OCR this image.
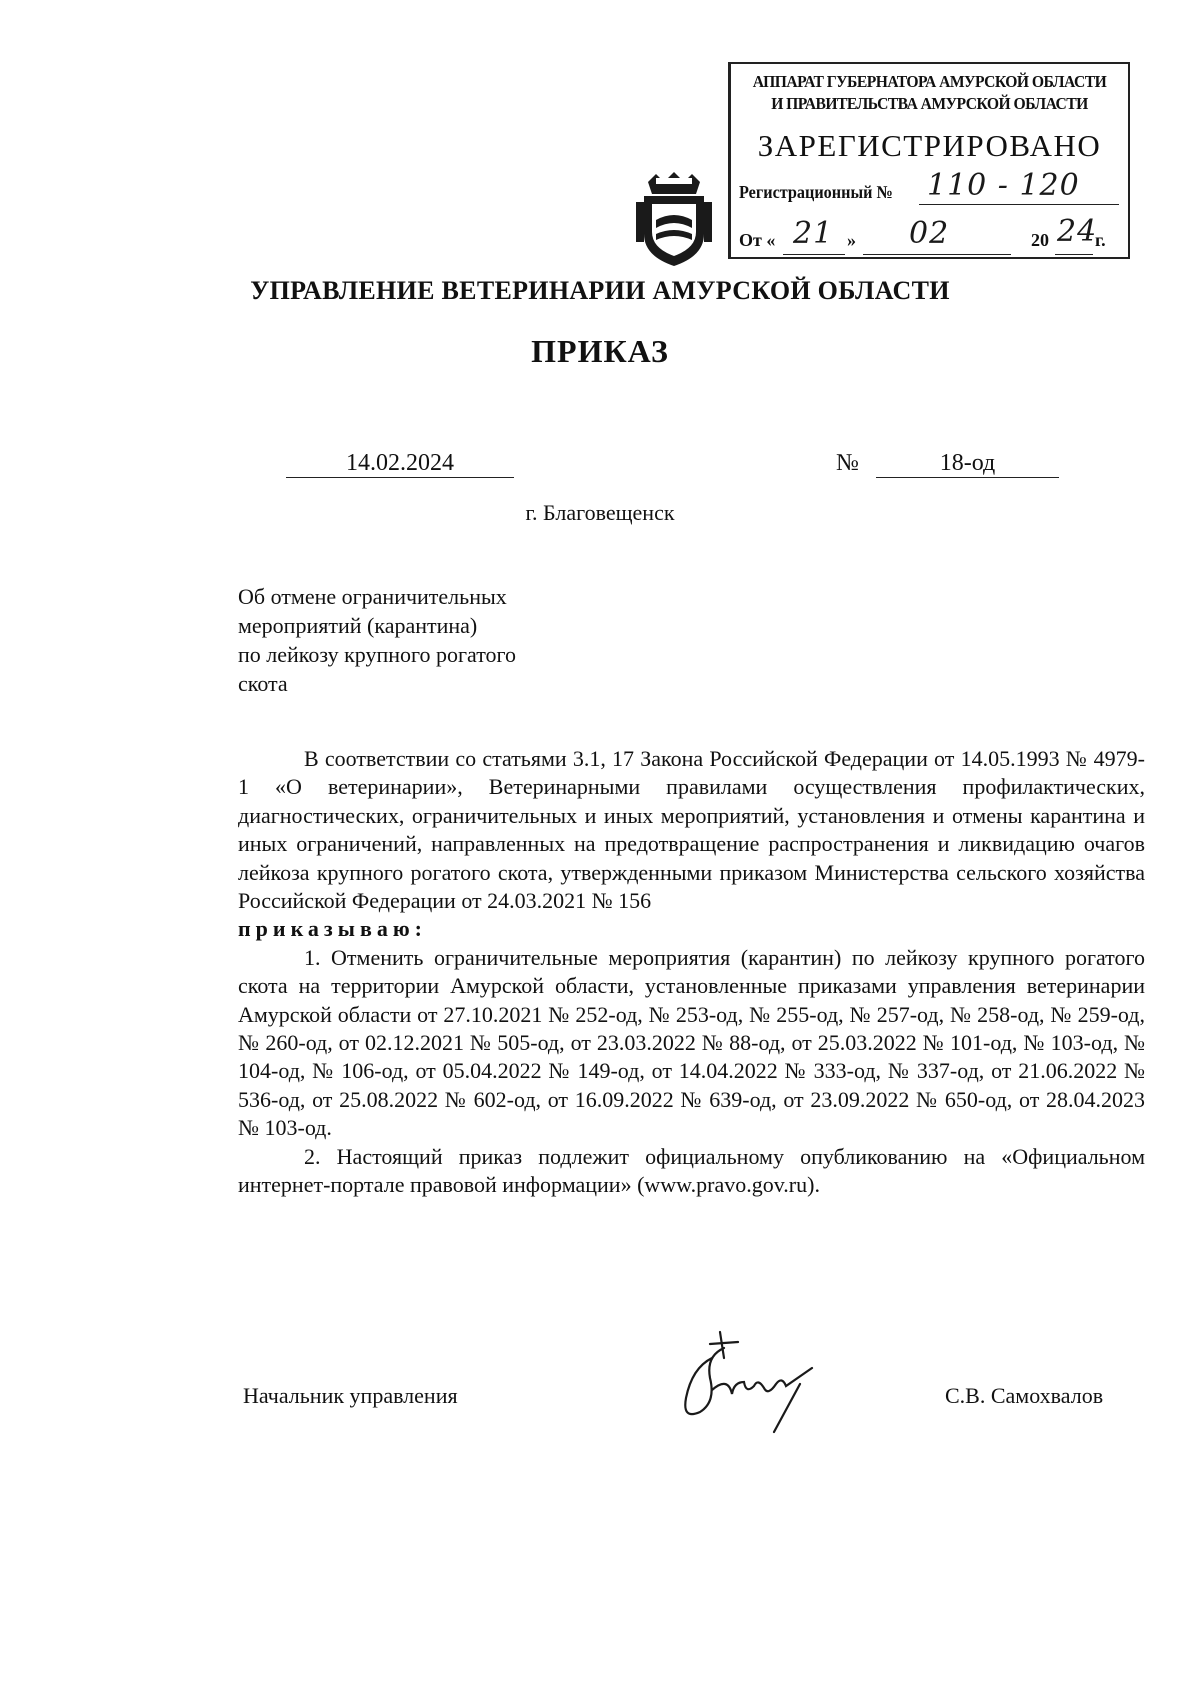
АППАРАТ ГУБЕРНАТОРА АМУРСКОЙ ОБЛАСТИ
И ПРАВИТЕЛЬСТВА АМУРСКОЙ ОБЛАСТИ
ЗАРЕГИСТРИРОВАНО
Регистрационный № 110 - 120
От « 21 » 02	20 24
г.
УПРАВЛЕНИЕ ВЕТЕРИНАРИИ АМУРСКОЙ ОБЛАСТИ
ПРИКАЗ
14.02.2024	№	18-од
г. Благовещенск
Об отмене ограничительных
мероприятий (карантина)
по лейкозу крупного рогатого
скота

В соответствии со статьями 3.1, 17 Закона Российской Федерации от 14.05.1993 № 4979-1 «О ветеринарии», Ветеринарными правилами осуществления профилактических, диагностических, ограничительных и иных мероприятий, установления и отмены карантина и иных ограничений, направленных на предотвращение распространения и ликвидацию очагов лейкоза крупного рогатого скота, утвержденными приказом Министерства сельского хозяйства Российской Федерации от 24.03.2021 № 156

приказываю:

1. Отменить ограничительные мероприятия (карантин) по лейкозу крупного рогатого скота на территории Амурской области, установленные приказами управления ветеринарии Амурской области от 27.10.2021 № 252-од, № 253-од, № 255-од, № 257-од, № 258-од, № 259-од, № 260-од, от 02.12.2021 № 505-од, от 23.03.2022 № 88-од, от 25.03.2022 № 101-од, № 103-од, № 104-од, № 106-од, от 05.04.2022 № 149-од, от 14.04.2022 № 333-од, № 337-од, от 21.06.2022 № 536-од, от 25.08.2022 № 602-од, от 16.09.2022 № 639-од, от 23.09.2022 № 650-од, от 28.04.2023 № 103-од.

2. Настоящий приказ подлежит официальному опубликованию на «Официальном интернет-портале правовой информации» (www.pravo.gov.ru).

Начальник управления	С.В. Самохвалов
